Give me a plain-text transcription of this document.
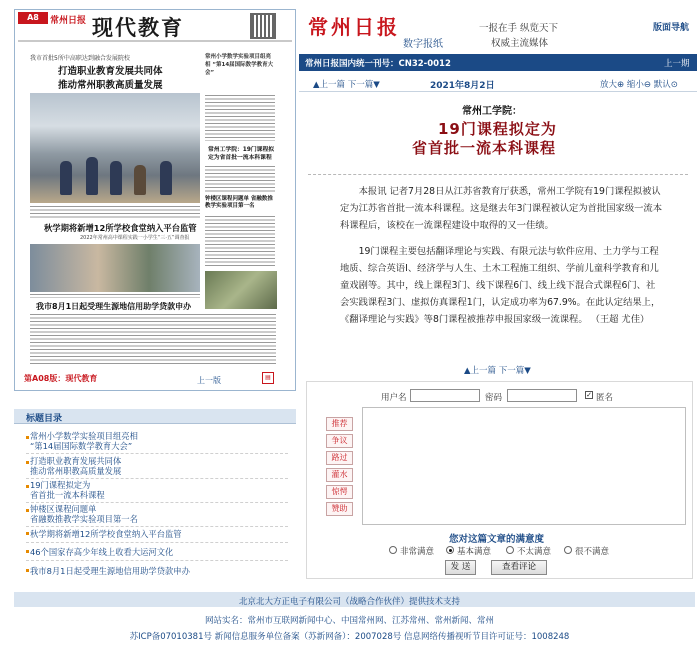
A8	常州日报 现代教育
我市首批5所中高职达到融合发展院校
打造职业教育发展共同体
推动常州职教高质量发展
常州小学数学实验项目组亮相 “第14届国际数学教育大会”
常州工学院：19门课程拟定为省首批一流本科课程
秋学期将新增12所学校食堂纳入平台监管
2022年常州高中课程实践一小学生“三·五”调查报
钟楼区课程问题单 省融数推教学实验项目第一名
我市8月1日起受理生源地信用助学贷款申办
第A08版：现代教育	上一版	▤
常州日报
数字报纸
一报在手 纵览天下
权威主流媒体
版面导航
常州日报国内统一刊号：CN32-0012	上一期
▲上一篇 下一篇▼	2021年8月2日	放大⊕ 缩小⊖ 默认⊙
常州工学院：
19门课程拟定为
省首批一流本科课程

本报讯 记者7月28日从江苏省教育厅获悉，常州工学院有19门课程拟被认定为江苏省首批一流本科课程。这是继去年3门课程被认定为首批国家级一流本科课程后，该校在一流课程建设中取得的又一佳绩。

19门课程主要包括翻译理论与实践、有限元法与软件应用、土力学与工程地质、综合英语I、经济学与人生、土木工程施工组织、学前儿童科学教育和儿童戏剧等。其中，线上课程3门、线下课程6门、线上线下混合式课程6门、社会实践课程3门、虚拟仿真课程1门，认定成功率为67.9%。在此认定结果上，《翻译理论与实践》等8门课程被推荐申报国家级一流课程。 （王超 尤佳）

▲上一篇 下一篇▼
用户名	密码	✓ 匿名
推荐
争议
路过
灌水
惊愕
赞助
您对这篇文章的满意度
非常满意	基本满意	不太满意	很不满意
发 送	查看评论
标题目录
常州小学数学实验项目组亮相
“第14届国际数学教育大会”
打造职业教育发展共同体
推动常州职教高质量发展
19门课程拟定为
省首批一流本科课程
钟楼区课程问题单
省融数推教学实验项目第一名
秋学期将新增12所学校食堂纳入平台监管
46个国家存高少年线上收看大运河文化
我市8月1日起受理生源地信用助学贷款申办
北京北大方正电子有限公司（战略合作伙伴）提供技术支持
网站实名：常州市互联网新闻中心、中国常州网、江苏常州、常州新闻、常州
苏ICP备07010381号 新闻信息服务单位备案（苏新网备）：2007028号 信息网络传播视听节目许可证号：1008248
